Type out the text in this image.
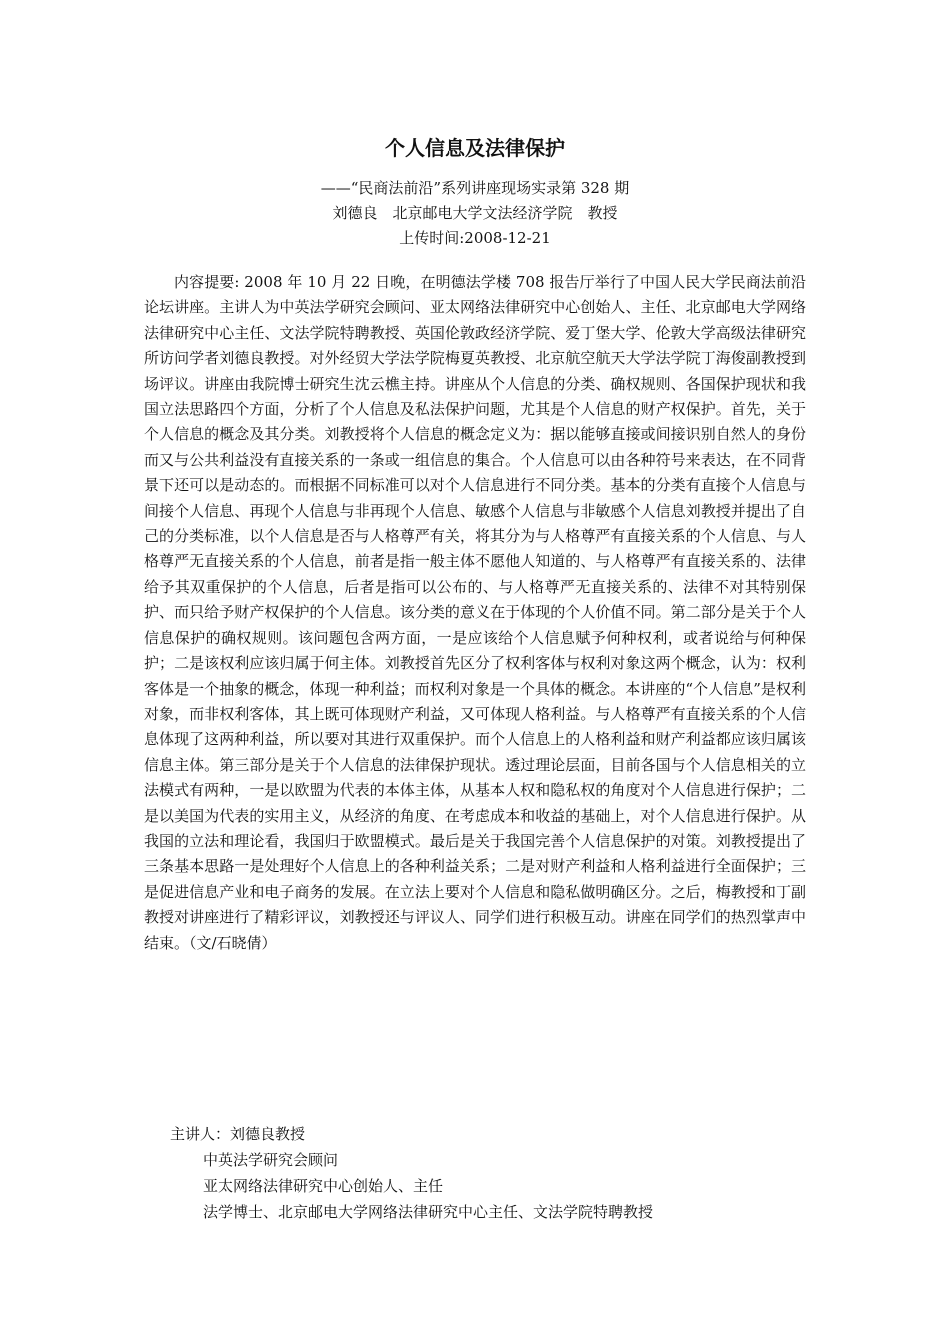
个人信息及法律保护
——“民商法前沿”系列讲座现场实录第 328 期
刘德良　北京邮电大学文法经济学院　教授
上传时间:2008-12-21

内容提要: 2008 年 10 月 22 日晚，在明德法学楼 708 报告厅举行了中国人民大学民商法前沿论坛讲座。主讲人为中英法学研究会顾问、亚太网络法律研究中心创始人、主任、北京邮电大学网络法律研究中心主任、文法学院特聘教授、英国伦敦政经济学院、爱丁堡大学、伦敦大学高级法律研究所访问学者刘德良教授。对外经贸大学法学院梅夏英教授、北京航空航天大学法学院丁海俊副教授到场评议。讲座由我院博士研究生沈云樵主持。讲座从个人信息的分类、确权规则、各国保护现状和我国立法思路四个方面，分析了个人信息及私法保护问题，尤其是个人信息的财产权保护。首先，关于个人信息的概念及其分类。刘教授将个人信息的概念定义为：据以能够直接或间接识别自然人的身份而又与公共利益没有直接关系的一条或一组信息的集合。个人信息可以由各种符号来表达，在不同背景下还可以是动态的。而根据不同标准可以对个人信息进行不同分类。基本的分类有直接个人信息与间接个人信息、再现个人信息与非再现个人信息、敏感个人信息与非敏感个人信息刘教授并提出了自己的分类标准，以个人信息是否与人格尊严有关，将其分为与人格尊严有直接关系的个人信息、与人格尊严无直接关系的个人信息，前者是指一般主体不愿他人知道的、与人格尊严有直接关系的、法律给予其双重保护的个人信息，后者是指可以公布的、与人格尊严无直接关系的、法律不对其特别保护、而只给予财产权保护的个人信息。该分类的意义在于体现的个人价值不同。第二部分是关于个人信息保护的确权规则。该问题包含两方面，一是应该给个人信息赋予何种权利，或者说给与何种保护；二是该权利应该归属于何主体。刘教授首先区分了权利客体与权利对象这两个概念，认为：权利客体是一个抽象的概念，体现一种利益；而权利对象是一个具体的概念。本讲座的“个人信息”是权利对象，而非权利客体，其上既可体现财产利益，又可体现人格利益。与人格尊严有直接关系的个人信息体现了这两种利益，所以要对其进行双重保护。而个人信息上的人格利益和财产利益都应该归属该信息主体。第三部分是关于个人信息的法律保护现状。透过理论层面，目前各国与个人信息相关的立法模式有两种，一是以欧盟为代表的本体主体，从基本人权和隐私权的角度对个人信息进行保护；二是以美国为代表的实用主义，从经济的角度、在考虑成本和收益的基础上，对个人信息进行保护。从我国的立法和理论看，我国归于欧盟模式。最后是关于我国完善个人信息保护的对策。刘教授提出了三条基本思路一是处理好个人信息上的各种利益关系；二是对财产利益和人格利益进行全面保护；三是促进信息产业和电子商务的发展。在立法上要对个人信息和隐私做明确区分。之后，梅教授和丁副教授对讲座进行了精彩评议，刘教授还与评议人、同学们进行积极互动。讲座在同学们的热烈掌声中结束。（文/石晓倩）

主讲人：刘德良教授

中英法学研究会顾问

亚太网络法律研究中心创始人、主任

法学博士、北京邮电大学网络法律研究中心主任、文法学院特聘教授
